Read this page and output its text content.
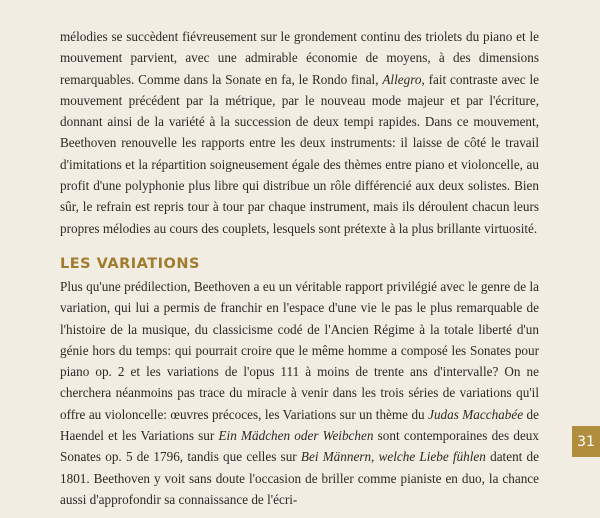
mélodies se succèdent fiévreusement sur le grondement continu des triolets du piano et le mouvement parvient, avec une admirable économie de moyens, à des dimensions remarquables. Comme dans la Sonate en fa, le Rondo final, Allegro, fait contraste avec le mouvement précédent par la métrique, par le nouveau mode majeur et par l'écriture, donnant ainsi de la variété à la succession de deux tempi rapides. Dans ce mouvement, Beethoven renouvelle les rapports entre les deux instruments: il laisse de côté le travail d'imitations et la répartition soigneusement égale des thèmes entre piano et violoncelle, au profit d'une polyphonie plus libre qui distribue un rôle différencié aux deux solistes. Bien sûr, le refrain est repris tour à tour par chaque instrument, mais ils déroulent chacun leurs propres mélodies au cours des couplets, lesquels sont prétexte à la plus brillante virtuosité.

LES VARIATIONS

Plus qu'une prédilection, Beethoven a eu un véritable rapport privilégié avec le genre de la variation, qui lui a permis de franchir en l'espace d'une vie le pas le plus remarquable de l'histoire de la musique, du classicisme codé de l'Ancien Régime à la totale liberté d'un génie hors du temps: qui pourrait croire que le même homme a composé les Sonates pour piano op. 2 et les variations de l'opus 111 à moins de trente ans d'intervalle? On ne cherchera néanmoins pas trace du miracle à venir dans les trois séries de variations qu'il offre au violoncelle: œuvres précoces, les Variations sur un thème du Judas Macchabée de Haendel et les Variations sur Ein Mädchen oder Weibchen sont contemporaines des deux Sonates op. 5 de 1796, tandis que celles sur Bei Männern, welche Liebe fühlen datent de 1801. Beethoven y voit sans doute l'occasion de briller comme pianiste en duo, la chance aussi d'approfondir sa connaissance de l'écri-

31
